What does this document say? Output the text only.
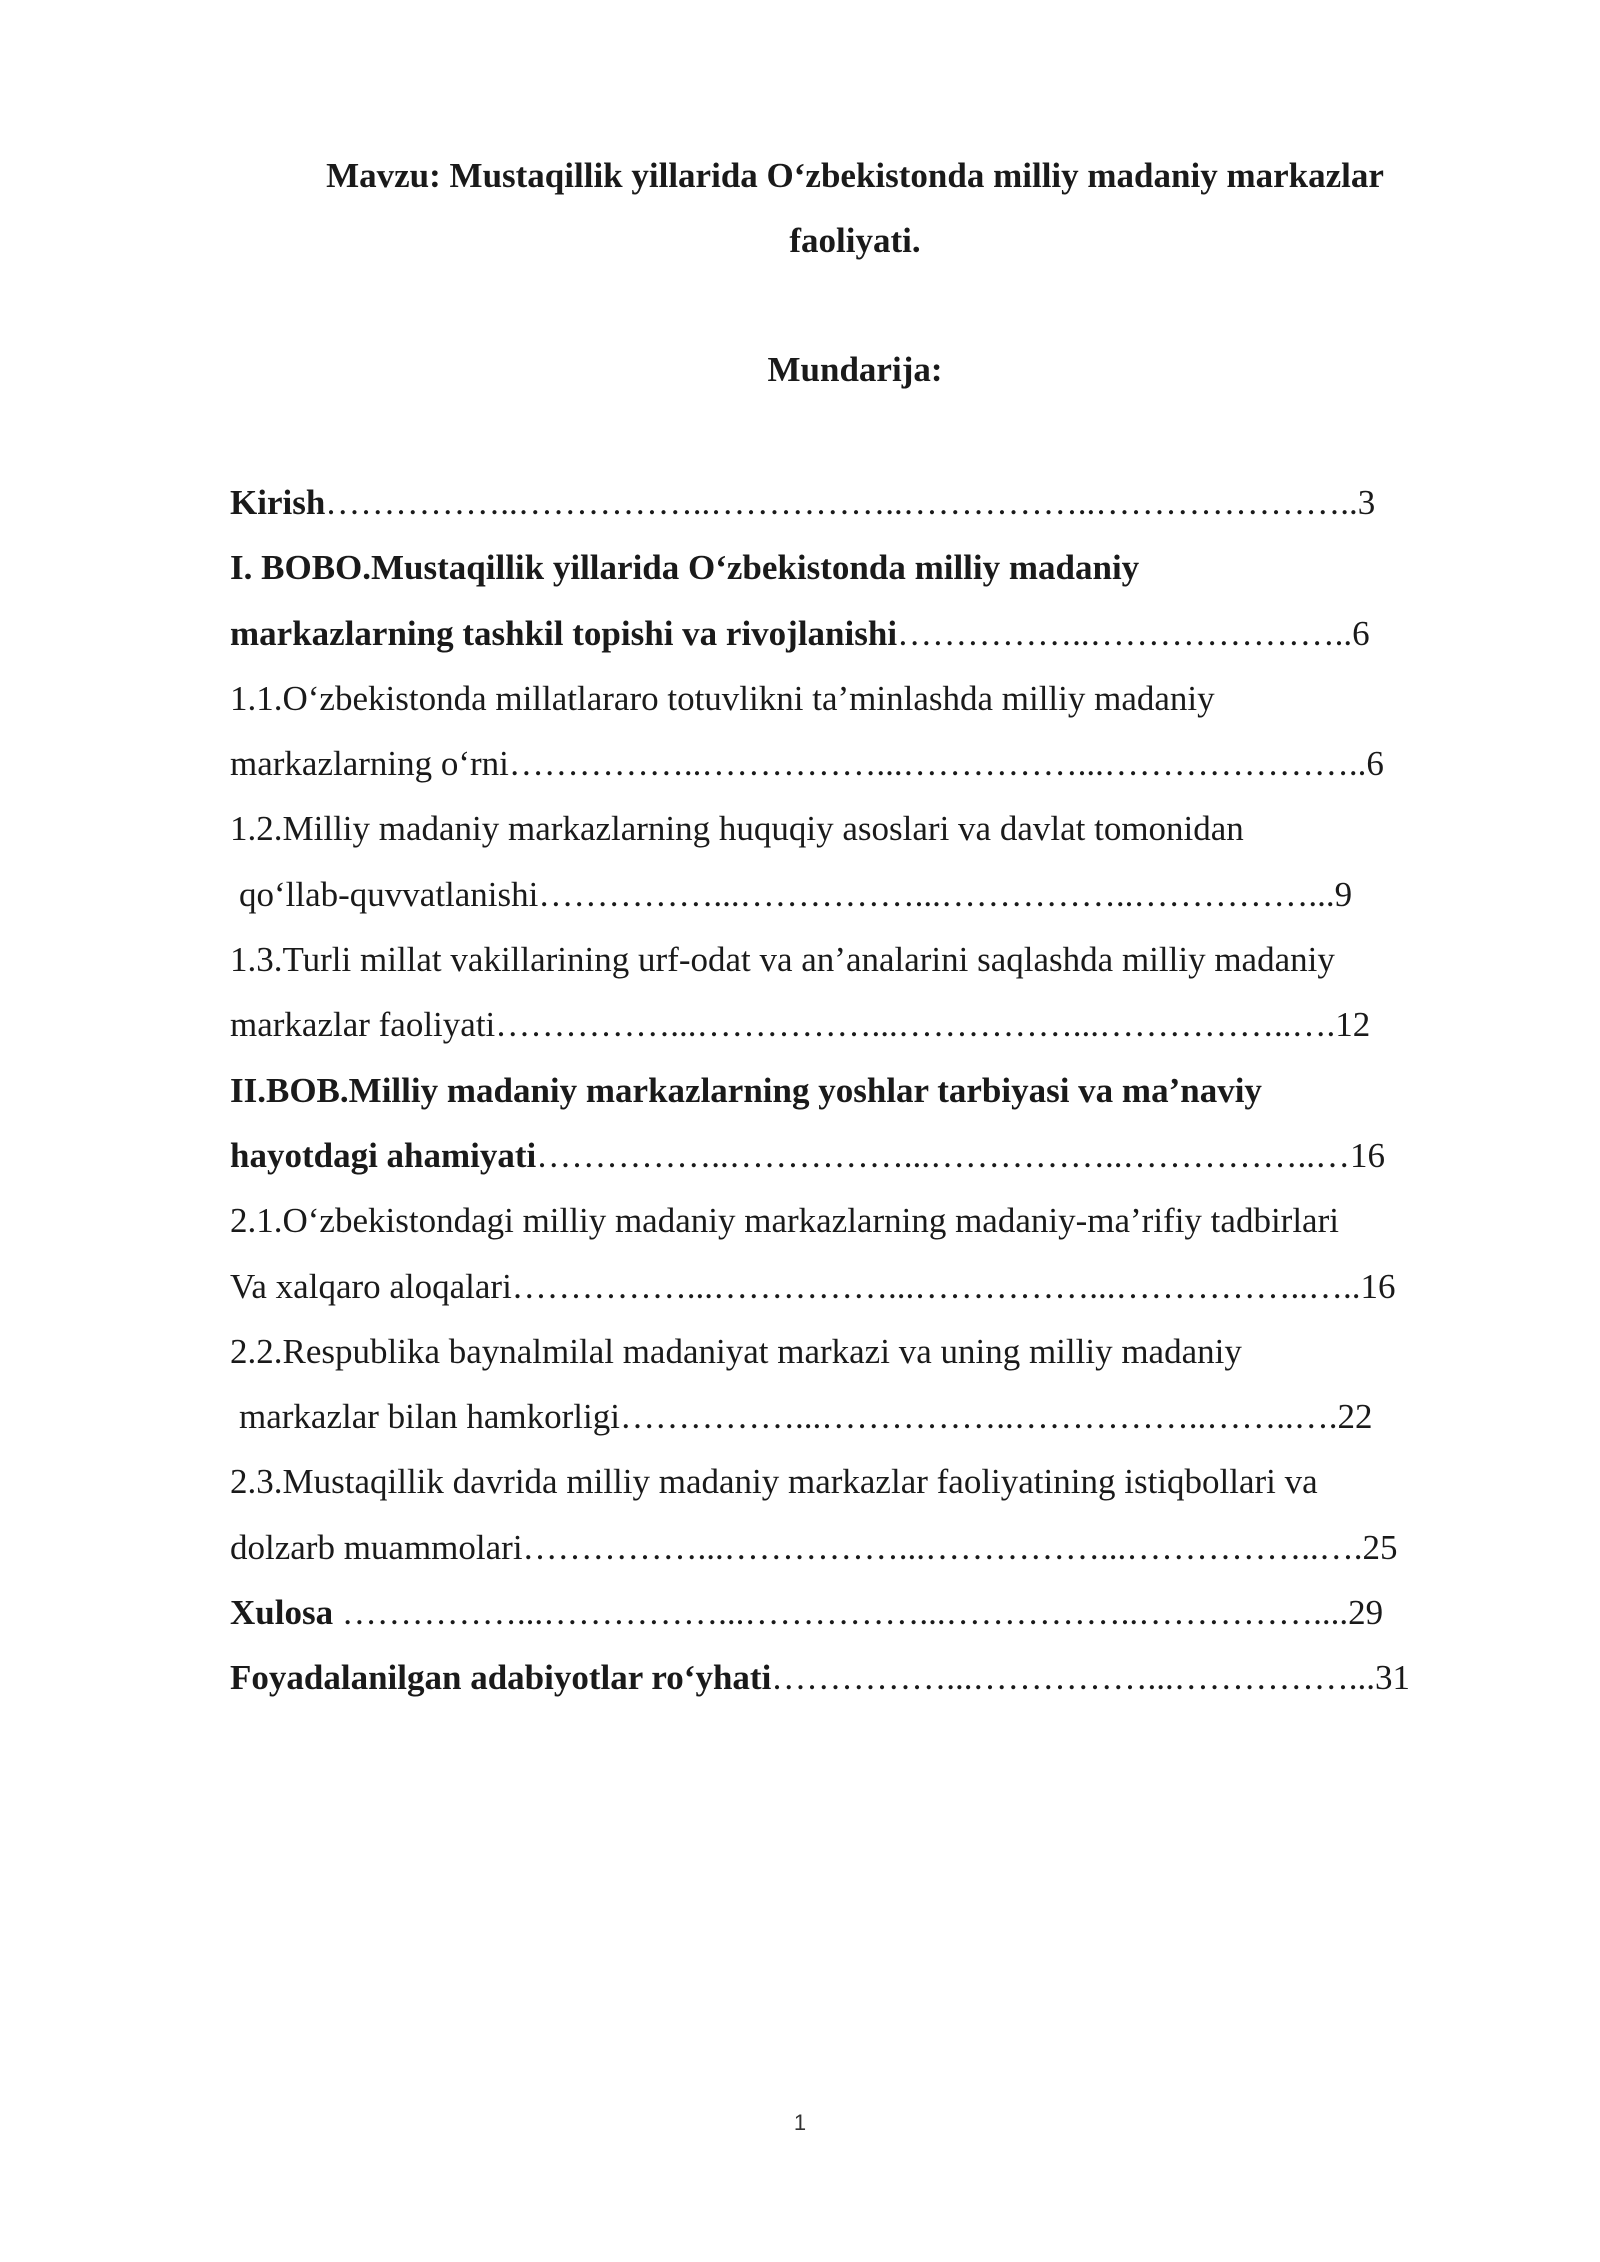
Mavzu: Mustaqillik yillarida O‘zbekistonda milliy madaniy markazlar
faoliyati.
Mundarija:
Kirish……………..……………..……………..……………..…………………..3
I. BOBO.Mustaqillik yillarida O‘zbekistonda milliy madaniy
markazlarning tashkil topishi va rivojlanishi……………..…………………..6
1.1.O‘zbekistonda millatlararo totuvlikni ta’minlashda milliy madaniy
markazlarning o‘rni……………..……………...……………...…………………..6
1.2.Milliy madaniy markazlarning huquqiy asoslari va davlat tomonidan
qo‘llab-quvvatlanishi……………...……………...……………..……………...9
1.3.Turli millat vakillarining urf-odat va an’analarini saqlashda milliy madaniy
markazlar faoliyati……………...……………...……………...……………..….12
II.BOB.Milliy madaniy markazlarning yoshlar tarbiyasi va ma’naviy
hayotdagi ahamiyati……………..……………...……………..……………..…16
2.1.O‘zbekistondagi milliy madaniy markazlarning madaniy-ma’rifiy tadbirlari
Va xalqaro aloqalari……………...……………...……………...……………..…..16
2.2.Respublika baynalmilal madaniyat markazi va uning milliy madaniy
markazlar bilan hamkorligi……………...……………..……………..……..….22
2.3.Mustaqillik davrida milliy madaniy markazlar faoliyatining istiqbollari va
dolzarb muammolari……………...……………...……………...……………..….25
Xulosa ……………...……………...……………...……………..……………....29
Foyadalanilgan adabiyotlar ro‘yhati……………...……………...……………...31
1
